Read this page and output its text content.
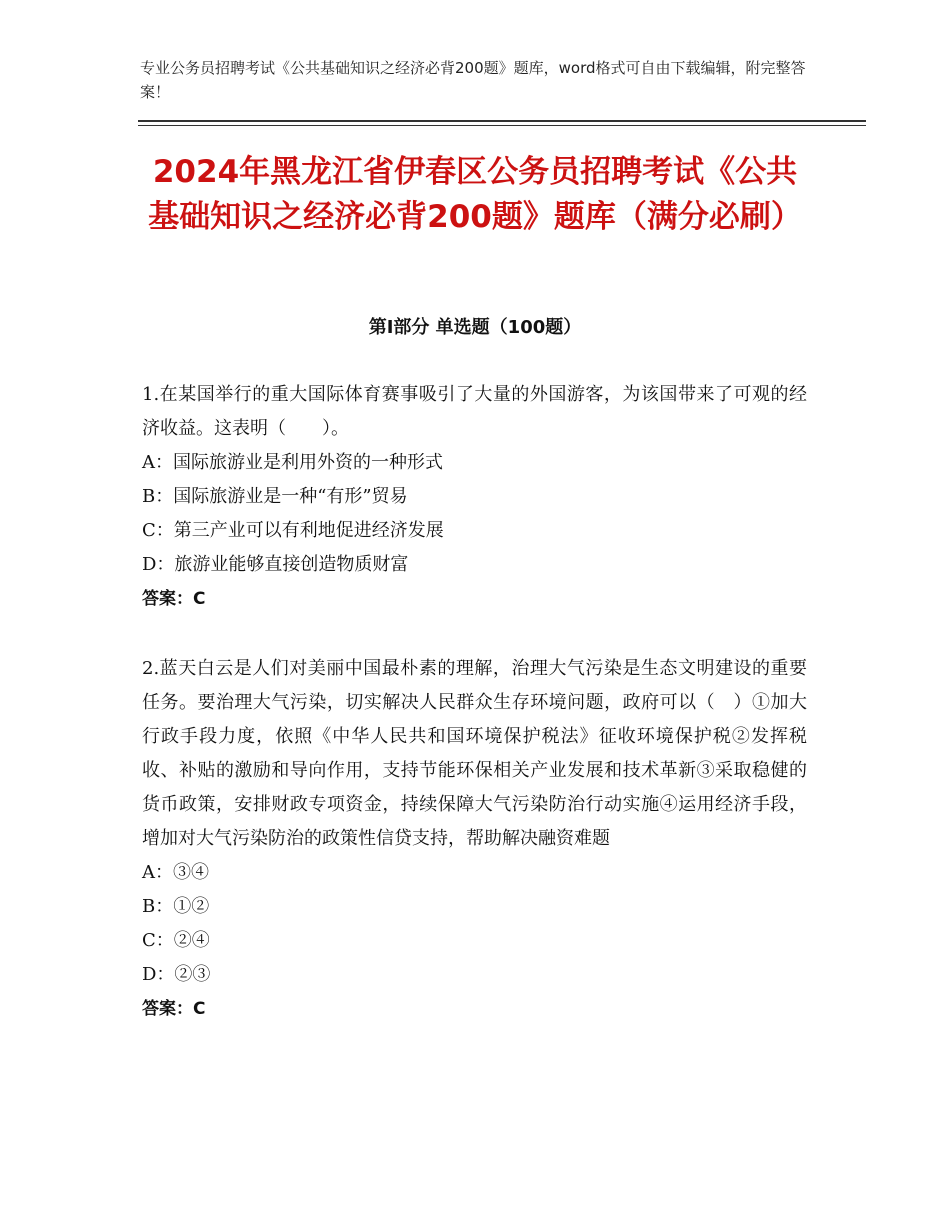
专业公务员招聘考试《公共基础知识之经济必背200题》题库，word格式可自由下载编辑，附完整答案！
2024年黑龙江省伊春区公务员招聘考试《公共基础知识之经济必背200题》题库（满分必刷）
第Ⅰ部分 单选题（100题）

1.在某国举行的重大国际体育赛事吸引了大量的外国游客，为该国带来了可观的经济收益。这表明（　　）。

A：国际旅游业是利用外资的一种形式

B：国际旅游业是一种“有形”贸易

C：第三产业可以有利地促进经济发展

D：旅游业能够直接创造物质财富

答案：C

2.蓝天白云是人们对美丽中国最朴素的理解，治理大气污染是生态文明建设的重要任务。要治理大气污染，切实解决人民群众生存环境问题，政府可以（　）①加大行政手段力度，依照《中华人民共和国环境保护税法》征收环境保护税②发挥税收、补贴的激励和导向作用，支持节能环保相关产业发展和技术革新③采取稳健的货币政策，安排财政专项资金，持续保障大气污染防治行动实施④运用经济手段，增加对大气污染防治的政策性信贷支持，帮助解决融资难题

A：③④

B：①②

C：②④

D：②③

答案：C
